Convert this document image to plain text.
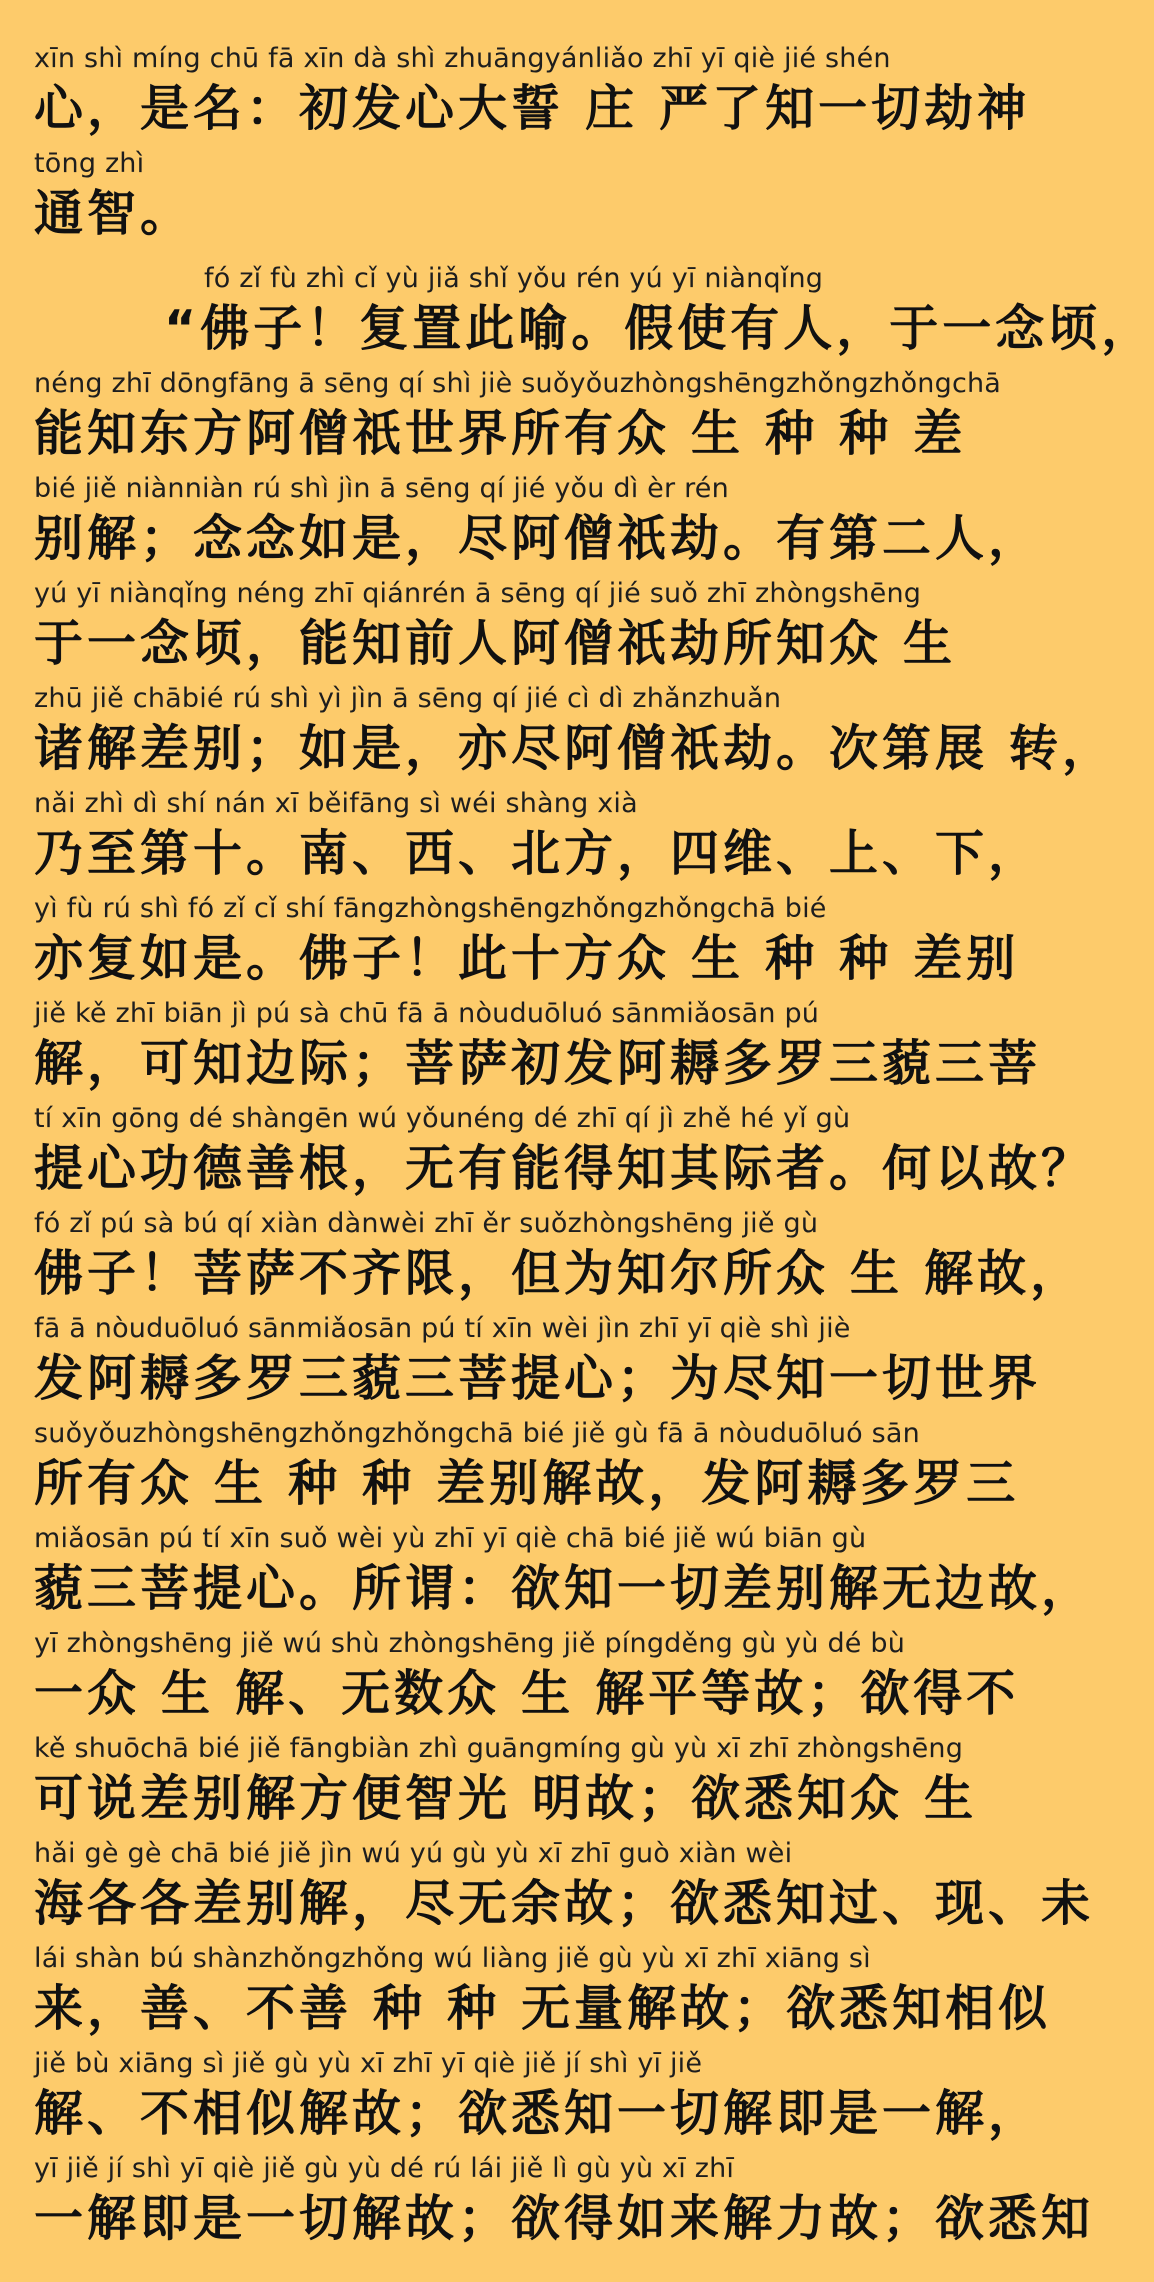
xīn shì míng chū fā xīn dà shì zhuāngyánliǎo zhī yī qiè jié shén
心，是名：初发心大誓 庄 严了知一切劫神
tōng zhì
通智。
fó zǐ fù zhì cǐ yù jiǎ shǐ yǒu rén yú yī niànqǐng
“佛子！复置此喻。假使有人，于一念顷，
néng zhī dōngfāng ā sēng qí shì jiè suǒyǒuzhòngshēngzhǒngzhǒngchā
能知东方阿僧祇世界所有众 生 种 种 差
bié jiě niànniàn rú shì jìn ā sēng qí jié yǒu dì èr rén
别解；念念如是，尽阿僧祇劫。有第二人，
yú yī niànqǐng néng zhī qiánrén ā sēng qí jié suǒ zhī zhòngshēng
于一念顷，能知前人阿僧祇劫所知众 生
zhū jiě chābié rú shì yì jìn ā sēng qí jié cì dì zhǎnzhuǎn
诸解差别；如是，亦尽阿僧祇劫。次第展 转，
nǎi zhì dì shí nán xī běifāng sì wéi shàng xià
乃至第十。南、西、北方，四维、上、下，
yì fù rú shì fó zǐ cǐ shí fāngzhòngshēngzhǒngzhǒngchā bié
亦复如是。佛子！此十方众 生 种 种 差别
jiě kě zhī biān jì pú sà chū fā ā nòuduōluó sānmiǎosān pú
解，可知边际；菩萨初发阿耨多罗三藐三菩
tí xīn gōng dé shàngēn wú yǒunéng dé zhī qí jì zhě hé yǐ gù
提心功德善根，无有能得知其际者。何以故？
fó zǐ pú sà bú qí xiàn dànwèi zhī ěr suǒzhòngshēng jiě gù
佛子！菩萨不齐限，但为知尔所众 生 解故，
fā ā nòuduōluó sānmiǎosān pú tí xīn wèi jìn zhī yī qiè shì jiè
发阿耨多罗三藐三菩提心；为尽知一切世界
suǒyǒuzhòngshēngzhǒngzhǒngchā bié jiě gù fā ā nòuduōluó sān
所有众 生 种 种 差别解故，发阿耨多罗三
miǎosān pú tí xīn suǒ wèi yù zhī yī qiè chā bié jiě wú biān gù
藐三菩提心。所谓：欲知一切差别解无边故，
yī zhòngshēng jiě wú shù zhòngshēng jiě píngděng gù yù dé bù
一众 生 解、无数众 生 解平等故；欲得不
kě shuōchā bié jiě fāngbiàn zhì guāngmíng gù yù xī zhī zhòngshēng
可说差别解方便智光 明故；欲悉知众 生
hǎi gè gè chā bié jiě jìn wú yú gù yù xī zhī guò xiàn wèi
海各各差别解，尽无余故；欲悉知过、现、未
lái shàn bú shànzhǒngzhǒng wú liàng jiě gù yù xī zhī xiāng sì
来，善、不善 种 种 无量解故；欲悉知相似
jiě bù xiāng sì jiě gù yù xī zhī yī qiè jiě jí shì yī jiě
解、不相似解故；欲悉知一切解即是一解，
yī jiě jí shì yī qiè jiě gù yù dé rú lái jiě lì gù yù xī zhī
一解即是一切解故；欲得如来解力故；欲悉知
